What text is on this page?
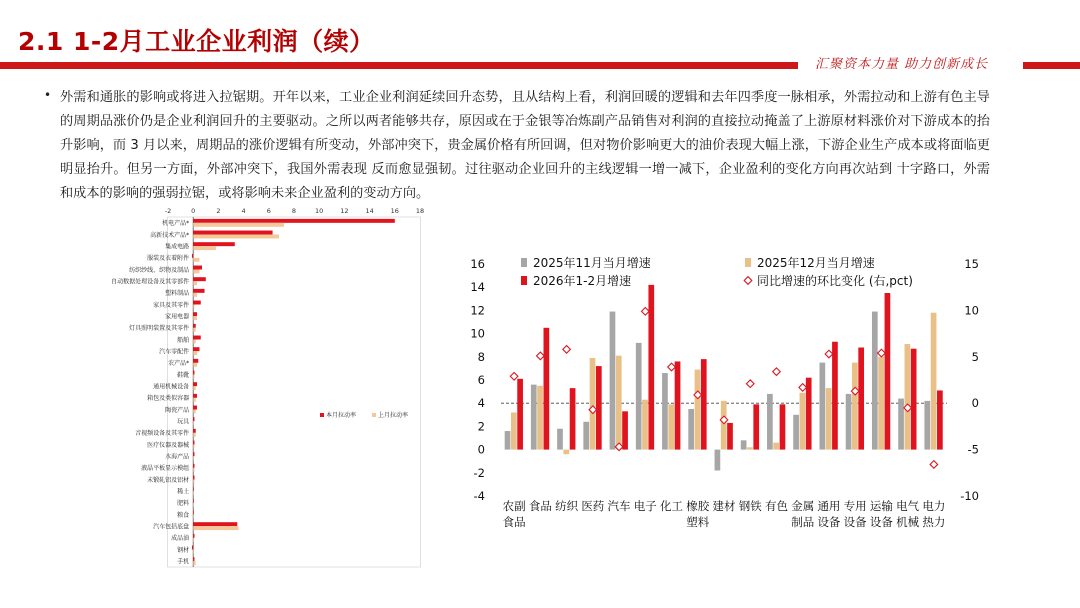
2.1 1-2月工业企业利润（续）
汇聚资本力量 助力创新成长
• 外需和通胀的影响或将进入拉锯期。开年以来，工业企业利润延续回升态势，且从结构上看，利润回暖的逻辑和去年四季度一脉相承，外需拉动和上游有色主导的周期品涨价仍是企业利润回升的主要驱动。之所以两者能够共存，原因或在于金银等冶炼副产品销售对利润的直接拉动掩盖了上游原材料涨价对下游成本的抬升影响，而 3 月以来，周期品的涨价逻辑有所变动，外部冲突下，贵金属价格有所回调，但对物价影响更大的油价表现大幅上涨，下游企业生产成本或将面临更明显抬升。但另一方面，外部冲突下，我国外需表现 反而愈显强韧。过往驱动企业回升的主线逻辑一增一减下，企业盈利的变化方向再次站到 十字路口，外需和成本的影响的强弱拉锯，或将影响未来企业盈利的变动方向。
-2	0	2	4	6	8	10	12	14	16	18
机电产品*
高新技术产品*
集成电路
服装及衣着附件
纺织纱线、织物及制品
自动数据处理设备及其零部件
塑料制品
家具及其零件
家用电器
灯具照明装置及其零件
船舶
汽车零配件
农产品*
鞋靴
通用机械设备
箱包及类似容器
陶瓷产品
玩具
音视频设备及其零件
医疗仪器及器械
水海产品
液晶平板显示模组
未锻轧铝及铝材
稀土
肥料
粮食
汽车包括底盘
成品油
钢材
手机
本月拉动率	上月拉动率
-4
-2
0
2
4
6
8
10
12
14
16
-10
-5
0
5
10
15
农副
食品
食品 纺织 医药 汽车 电子 化工 橡胶
塑料
建材 钢铁 有色 金属
制品
通用
设备
专用
设备
运输
设备
电气
机械
电力
热力
2025年11月当月增速	2025年12月当月增速
2026年1-2月增速	同比增速的环比变化 (右,pct)
